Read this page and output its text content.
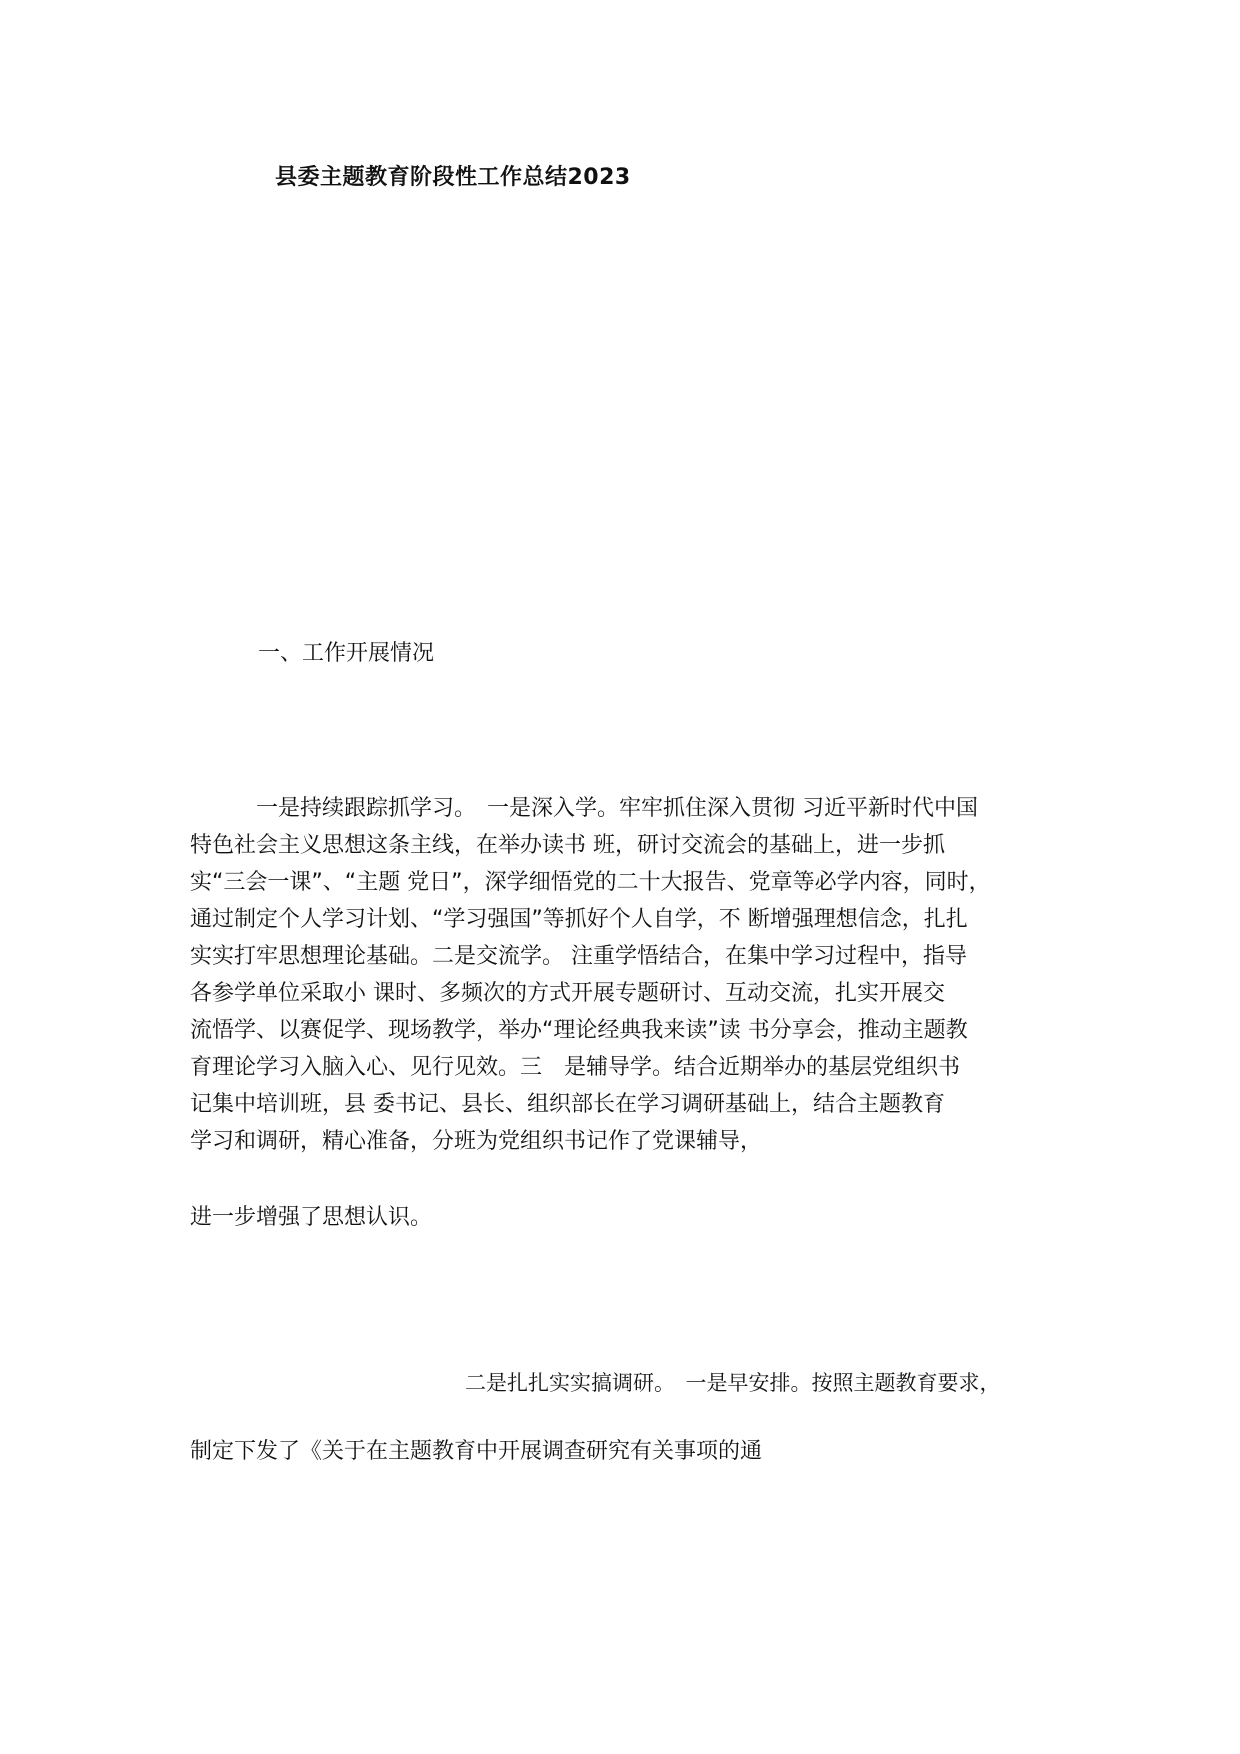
县委主题教育阶段性工作总结2023
一、工作开展情况
一是持续跟踪抓学习。　一是深入学。牢牢抓住深入贯彻 习近平新时代中国
特色社会主义思想这条主线，在举办读书 班，研讨交流会的基础上，进一步抓
实“三会一课”、“主题 党日”，深学细悟党的二十大报告、党章等必学内容，同时，
通过制定个人学习计划、“学习强国”等抓好个人自学，不 断增强理想信念，扎扎
实实打牢思想理论基础。二是交流学。 注重学悟结合，在集中学习过程中，指导
各参学单位采取小 课时、多频次的方式开展专题研讨、互动交流，扎实开展交
流悟学、以赛促学、现场教学，举办“理论经典我来读”读 书分享会，推动主题教
育理论学习入脑入心、见行见效。三　是辅导学。结合近期举办的基层党组织书
记集中培训班，县 委书记、县长、组织部长在学习调研基础上，结合主题教育
学习和调研，精心准备，分班为党组织书记作了党课辅导，
进一步增强了思想认识。
二是扎扎实实搞调研。　一是早安排。按照主题教育要求，
制定下发了《关于在主题教育中开展调查研究有关事项的通
